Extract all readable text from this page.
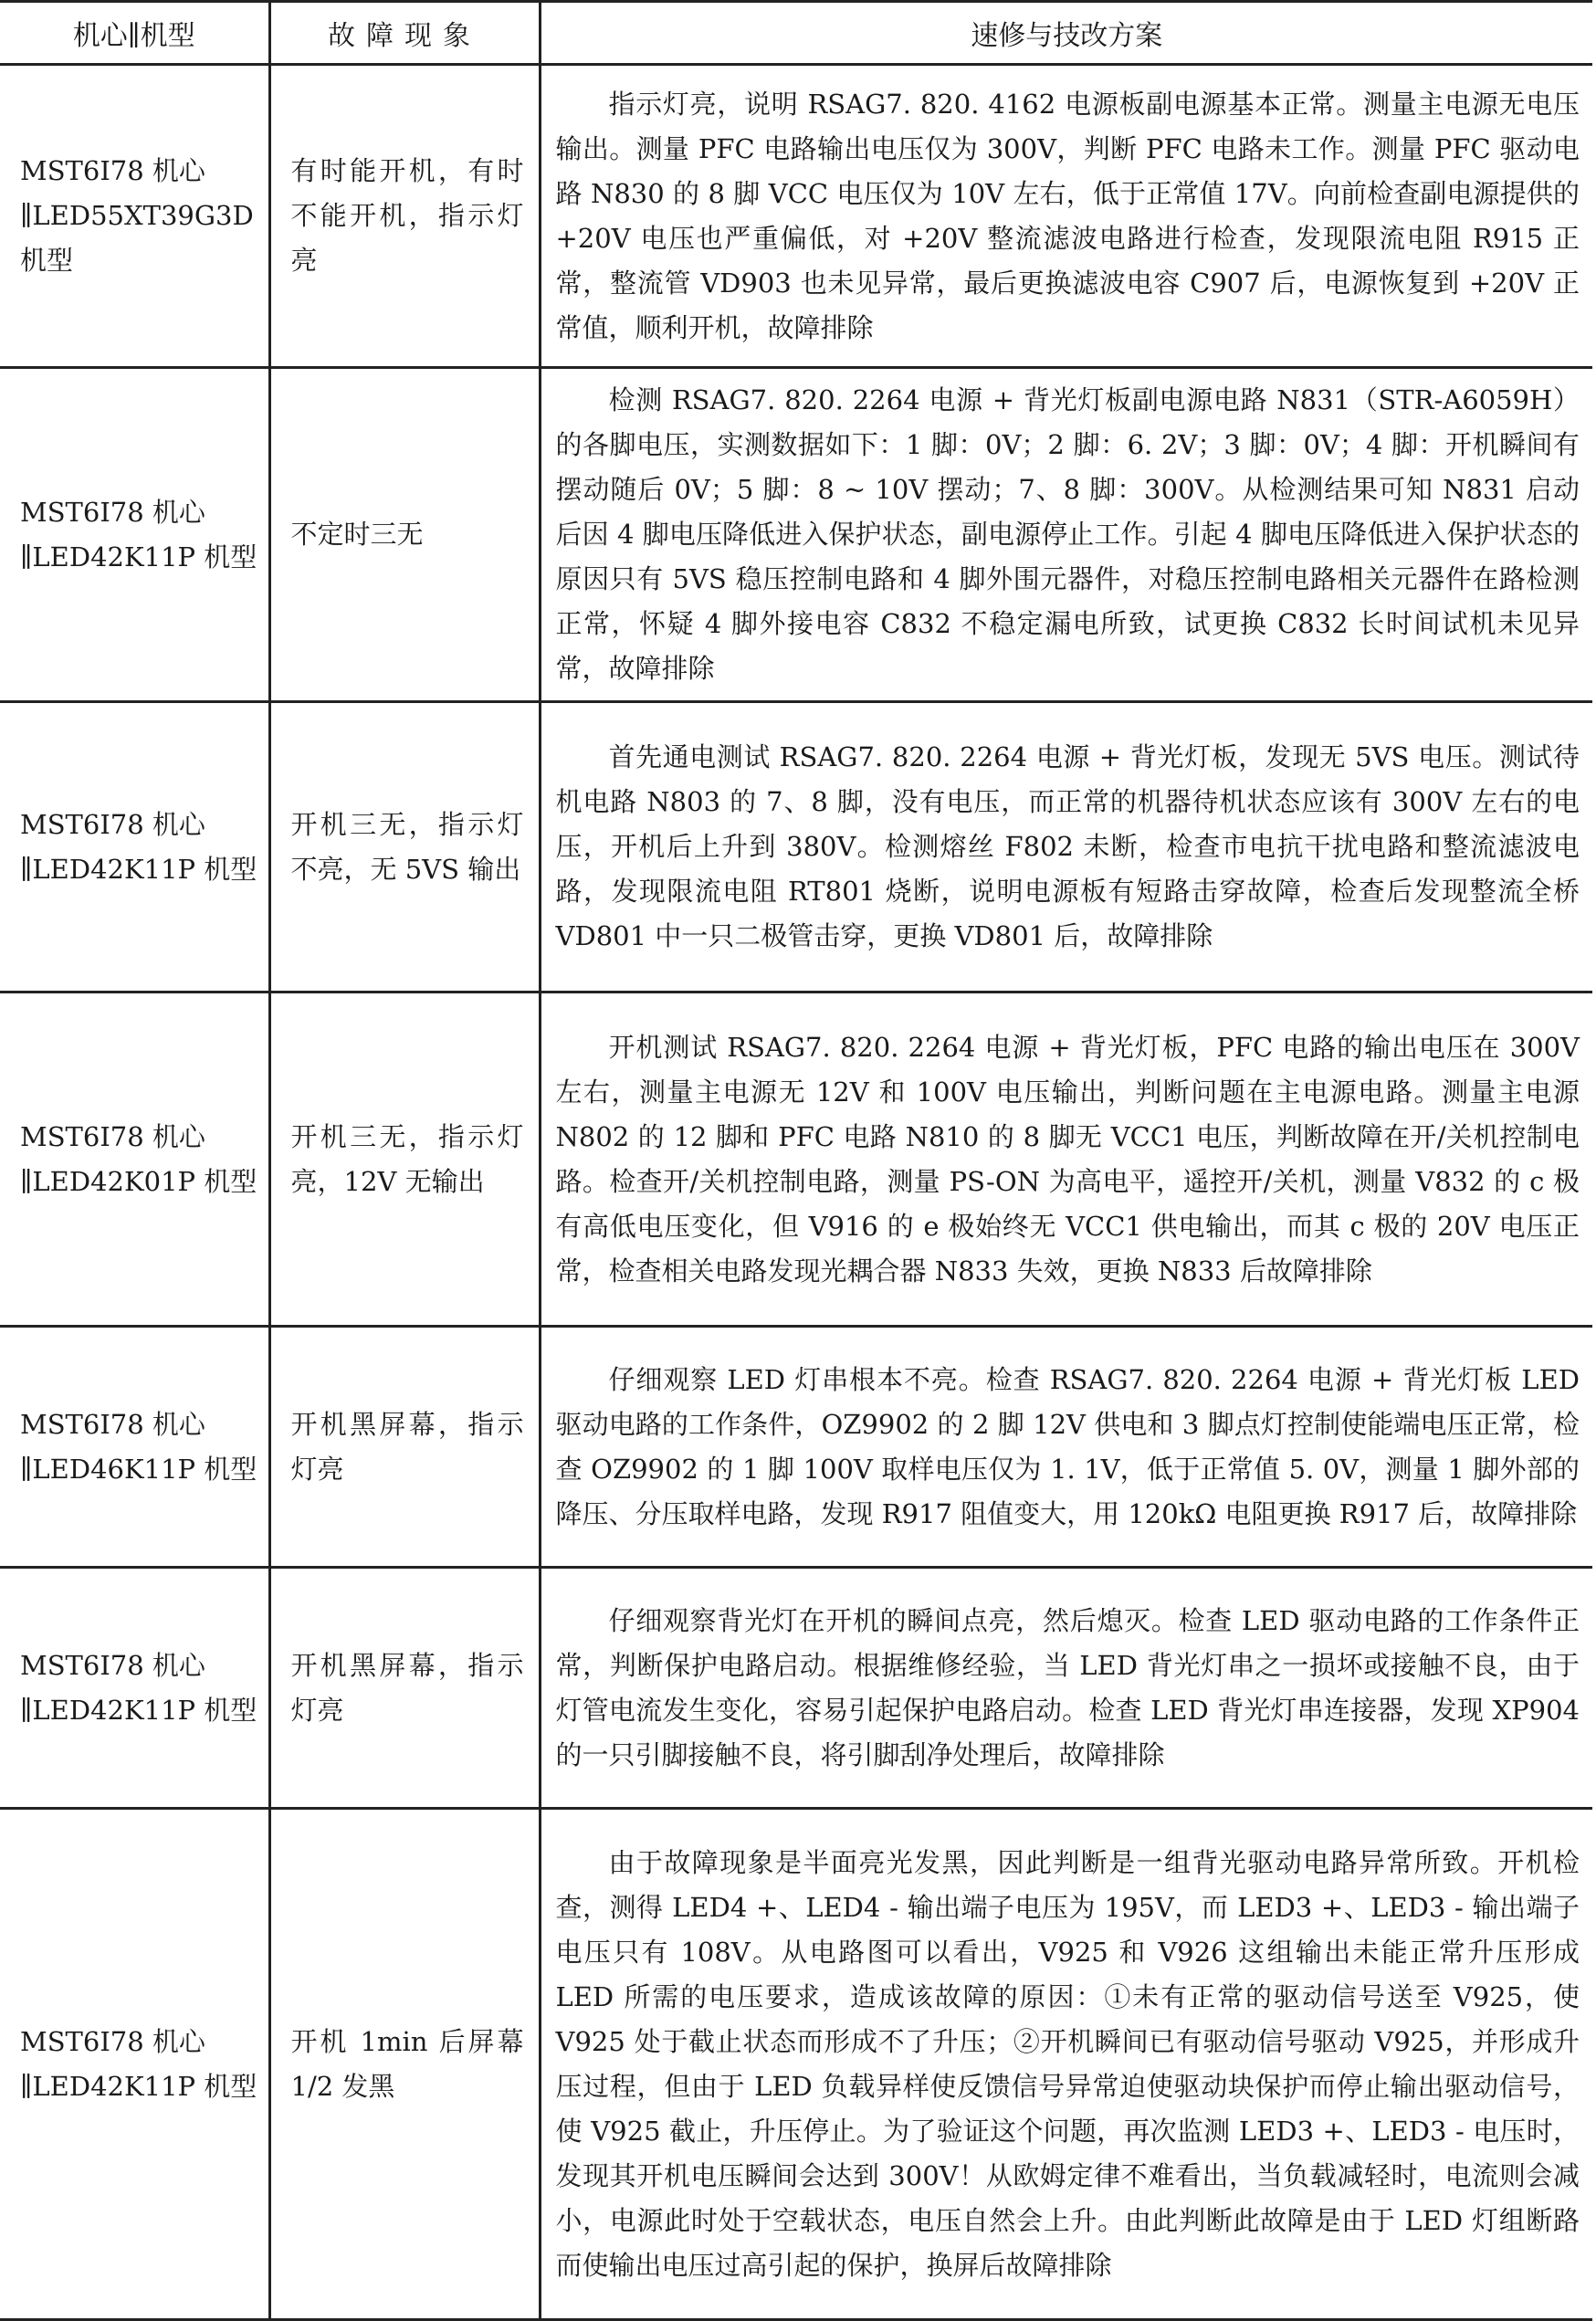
机心∥机型	故障现象	速修与技改方案
MST6I78 机心∥LED55XT39G3D 机型	有时能开机，有时不能开机，指示灯亮	指示灯亮，说明 RSAG7. 820. 4162 电源板副电源基本正常。测量主电源无电压输出。测量 PFC 电路输出电压仅为 300V，判断 PFC 电路未工作。测量 PFC 驱动电路 N830 的 8 脚 VCC 电压仅为 10V 左右，低于正常值 17V。向前检查副电源提供的 +20V 电压也严重偏低，对 +20V 整流滤波电路进行检查，发现限流电阻 R915 正常，整流管 VD903 也未见异常，最后更换滤波电容 C907 后，电源恢复到 +20V 正常值，顺利开机，故障排除
MST6I78 机心∥LED42K11P 机型	不定时三无	检测 RSAG7. 820. 2264 电源 + 背光灯板副电源电路 N831（STR-A6059H）的各脚电压，实测数据如下：1 脚：0V；2 脚：6. 2V；3 脚：0V；4 脚：开机瞬间有摆动随后 0V；5 脚：8 ~ 10V 摆动；7、8 脚：300V。从检测结果可知 N831 启动后因 4 脚电压降低进入保护状态，副电源停止工作。引起 4 脚电压降低进入保护状态的原因只有 5VS 稳压控制电路和 4 脚外围元器件，对稳压控制电路相关元器件在路检测正常，怀疑 4 脚外接电容 C832 不稳定漏电所致，试更换 C832 长时间试机未见异常，故障排除
MST6I78 机心∥LED42K11P 机型	开机三无，指示灯不亮，无 5VS 输出	首先通电测试 RSAG7. 820. 2264 电源 + 背光灯板，发现无 5VS 电压。测试待机电路 N803 的 7、8 脚，没有电压，而正常的机器待机状态应该有 300V 左右的电压，开机后上升到 380V。检测熔丝 F802 未断，检查市电抗干扰电路和整流滤波电路，发现限流电阻 RT801 烧断，说明电源板有短路击穿故障，检查后发现整流全桥 VD801 中一只二极管击穿，更换 VD801 后，故障排除
MST6I78 机心∥LED42K01P 机型	开机三无，指示灯亮，12V 无输出	开机测试 RSAG7. 820. 2264 电源 + 背光灯板，PFC 电路的输出电压在 300V 左右，测量主电源无 12V 和 100V 电压输出，判断问题在主电源电路。测量主电源 N802 的 12 脚和 PFC 电路 N810 的 8 脚无 VCC1 电压，判断故障在开/关机控制电路。检查开/关机控制电路，测量 PS-ON 为高电平，遥控开/关机，测量 V832 的 c 极有高低电压变化，但 V916 的 e 极始终无 VCC1 供电输出，而其 c 极的 20V 电压正常，检查相关电路发现光耦合器 N833 失效，更换 N833 后故障排除
MST6I78 机心∥LED46K11P 机型	开机黑屏幕，指示灯亮	仔细观察 LED 灯串根本不亮。检查 RSAG7. 820. 2264 电源 + 背光灯板 LED 驱动电路的工作条件，OZ9902 的 2 脚 12V 供电和 3 脚点灯控制使能端电压正常，检查 OZ9902 的 1 脚 100V 取样电压仅为 1. 1V，低于正常值 5. 0V，测量 1 脚外部的降压、分压取样电路，发现 R917 阻值变大，用 120kΩ 电阻更换 R917 后，故障排除
MST6I78 机心∥LED42K11P 机型	开机黑屏幕，指示灯亮	仔细观察背光灯在开机的瞬间点亮，然后熄灭。检查 LED 驱动电路的工作条件正常，判断保护电路启动。根据维修经验，当 LED 背光灯串之一损坏或接触不良，由于灯管电流发生变化，容易引起保护电路启动。检查 LED 背光灯串连接器，发现 XP904 的一只引脚接触不良，将引脚刮净处理后，故障排除
MST6I78 机心∥LED42K11P 机型	开机 1min 后屏幕 1/2 发黑	由于故障现象是半面亮光发黑，因此判断是一组背光驱动电路异常所致。开机检查，测得 LED4 +、LED4 - 输出端子电压为 195V，而 LED3 +、LED3 - 输出端子电压只有 108V。从电路图可以看出，V925 和 V926 这组输出未能正常升压形成 LED 所需的电压要求，造成该故障的原因：①未有正常的驱动信号送至 V925，使 V925 处于截止状态而形成不了升压；②开机瞬间已有驱动信号驱动 V925，并形成升压过程，但由于 LED 负载异样使反馈信号异常迫使驱动块保护而停止输出驱动信号，使 V925 截止，升压停止。为了验证这个问题，再次监测 LED3 +、LED3 - 电压时，发现其开机电压瞬间会达到 300V！从欧姆定律不难看出，当负载减轻时，电流则会减小，电源此时处于空载状态，电压自然会上升。由此判断此故障是由于 LED 灯组断路而使输出电压过高引起的保护，换屏后故障排除
